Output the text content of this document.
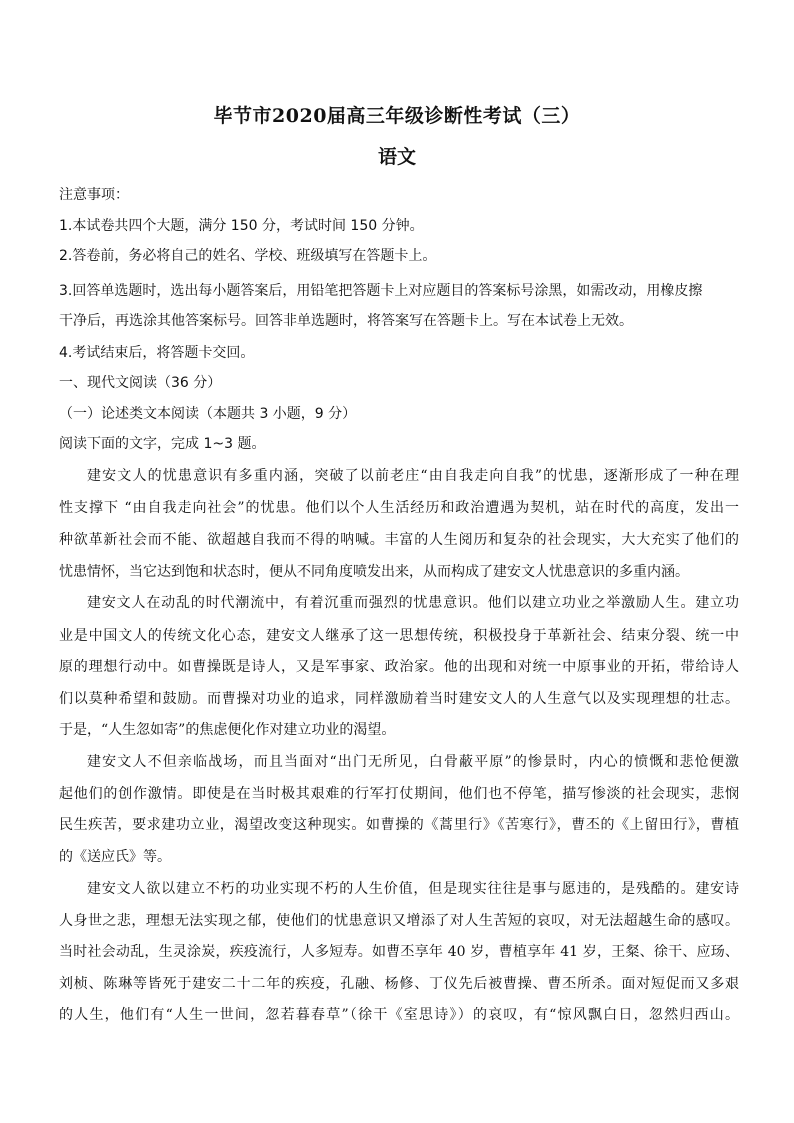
毕节市2020届高三年级诊断性考试（三）
语文
注意事项：
1.本试卷共四个大题，满分 150 分，考试时间 150 分钟。
2.答卷前，务必将自己的姓名、学校、班级填写在答题卡上。
3.回答单选题时，选出每小题答案后，用铅笔把答题卡上对应题目的答案标号涂黑，如需改动，用橡皮擦
干净后，再选涂其他答案标号。回答非单选题时，将答案写在答题卡上。写在本试卷上无效。
4.考试结束后，将答题卡交回。
一、现代文阅读（36 分）
（一）论述类文本阅读（本题共 3 小题，9 分）
阅读下面的文字，完成 1~3 题。
建安文人的忧患意识有多重内涵，突破了以前老庄“由自我走向自我”的忧患，逐渐形成了一种在理
性支撑下 “由自我走向社会”的忧患。他们以个人生活经历和政治遭遇为契机，站在时代的高度，发出一
种欲革新社会而不能、欲超越自我而不得的呐喊。丰富的人生阅历和复杂的社会现实，大大充实了他们的
忧患情怀，当它达到饱和状态时，便从不同角度喷发出来，从而构成了建安文人忧患意识的多重内涵。
建安文人在动乱的时代潮流中，有着沉重而强烈的忧患意识。他们以建立功业之举激励人生。建立功
业是中国文人的传统文化心态，建安文人继承了这一思想传统，积极投身于革新社会、结束分裂、统一中
原的理想行动中。如曹操既是诗人，又是军事家、政治家。他的出现和对统一中原事业的开拓，带给诗人
们以莫种希望和鼓励。而曹操对功业的追求，同样激励着当时建安文人的人生意气以及实现理想的壮志。
于是，“人生忽如寄”的焦虑便化作对建立功业的渴望。
建安文人不但亲临战场，而且当面对“出门无所见，白骨蔽平原”的惨景时，内心的愤慨和悲怆便激
起他们的创作激情。即使是在当时极其艰难的行军打仗期间，他们也不停笔，描写惨淡的社会现实，悲悯
民生疾苦，要求建功立业，渴望改变这种现实。如曹操的《蒿里行》《苦寒行》，曹丕的《上留田行》，曹植
的《送应氏》等。
建安文人欲以建立不朽的功业实现不朽的人生价值，但是现实往往是事与愿违的，是残酷的。建安诗
人身世之悲，理想无法实现之郁，使他们的忧患意识又增添了对人生苦短的哀叹，对无法超越生命的感叹。
当时社会动乱，生灵涂炭，疾疫流行，人多短寿。如曹丕享年 40 岁，曹植享年 41 岁，王粲、徐干、应玚、
刘桢、陈琳等皆死于建安二十二年的疾疫，孔融、杨修、丁仪先后被曹操、曹丕所杀。面对短促而又多艰
的人生，他们有“人生一世间，忽若暮春草”（徐干《室思诗》）的哀叹，有“惊风飘白日，忽然归西山。
